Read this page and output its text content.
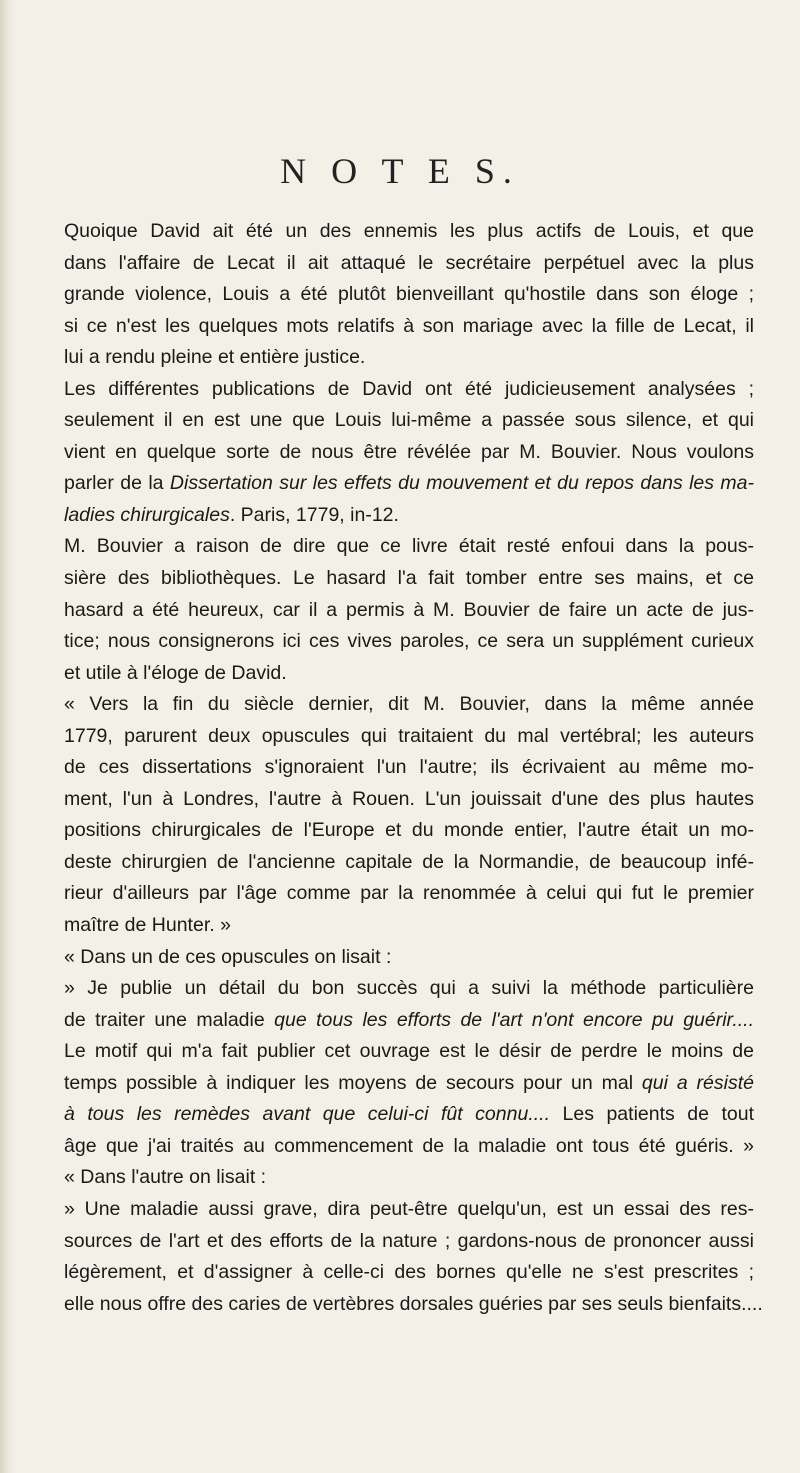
N O T E S.
Quoique David ait été un des ennemis les plus actifs de Louis, et que
dans l'affaire de Lecat il ait attaqué le secrétaire perpétuel avec la plus
grande violence, Louis a été plutôt bienveillant qu'hostile dans son éloge ;
si ce n'est les quelques mots relatifs à son mariage avec la fille de Lecat, il
lui a rendu pleine et entière justice.
Les différentes publications de David ont été judicieusement analysées ;
seulement il en est une que Louis lui-même a passée sous silence, et qui
vient en quelque sorte de nous être révélée par M. Bouvier. Nous voulons
parler de la Dissertation sur les effets du mouvement et du repos dans les ma-
ladies chirurgicales. Paris, 1779, in-12.
M. Bouvier a raison de dire que ce livre était resté enfoui dans la pous-
sière des bibliothèques. Le hasard l'a fait tomber entre ses mains, et ce
hasard a été heureux, car il a permis à M. Bouvier de faire un acte de jus-
tice; nous consignerons ici ces vives paroles, ce sera un supplément curieux
et utile à l'éloge de David.
« Vers la fin du siècle dernier, dit M. Bouvier, dans la même année
1779, parurent deux opuscules qui traitaient du mal vertébral; les auteurs
de ces dissertations s'ignoraient l'un l'autre; ils écrivaient au même mo-
ment, l'un à Londres, l'autre à Rouen. L'un jouissait d'une des plus hautes
positions chirurgicales de l'Europe et du monde entier, l'autre était un mo-
deste chirurgien de l'ancienne capitale de la Normandie, de beaucoup infé-
rieur d'ailleurs par l'âge comme par la renommée à celui qui fut le premier
maître de Hunter. »
« Dans un de ces opuscules on lisait :
» Je publie un détail du bon succès qui a suivi la méthode particulière
de traiter une maladie que tous les efforts de l'art n'ont encore pu guérir....
Le motif qui m'a fait publier cet ouvrage est le désir de perdre le moins de
temps possible à indiquer les moyens de secours pour un mal qui a résisté
à tous les remèdes avant que celui-ci fût connu.... Les patients de tout
âge que j'ai traités au commencement de la maladie ont tous été guéris. »
« Dans l'autre on lisait :
» Une maladie aussi grave, dira peut-être quelqu'un, est un essai des res-
sources de l'art et des efforts de la nature ; gardons-nous de prononcer aussi
légèrement, et d'assigner à celle-ci des bornes qu'elle ne s'est prescrites ;
elle nous offre des caries de vertèbres dorsales guéries par ses seuls bienfaits....
